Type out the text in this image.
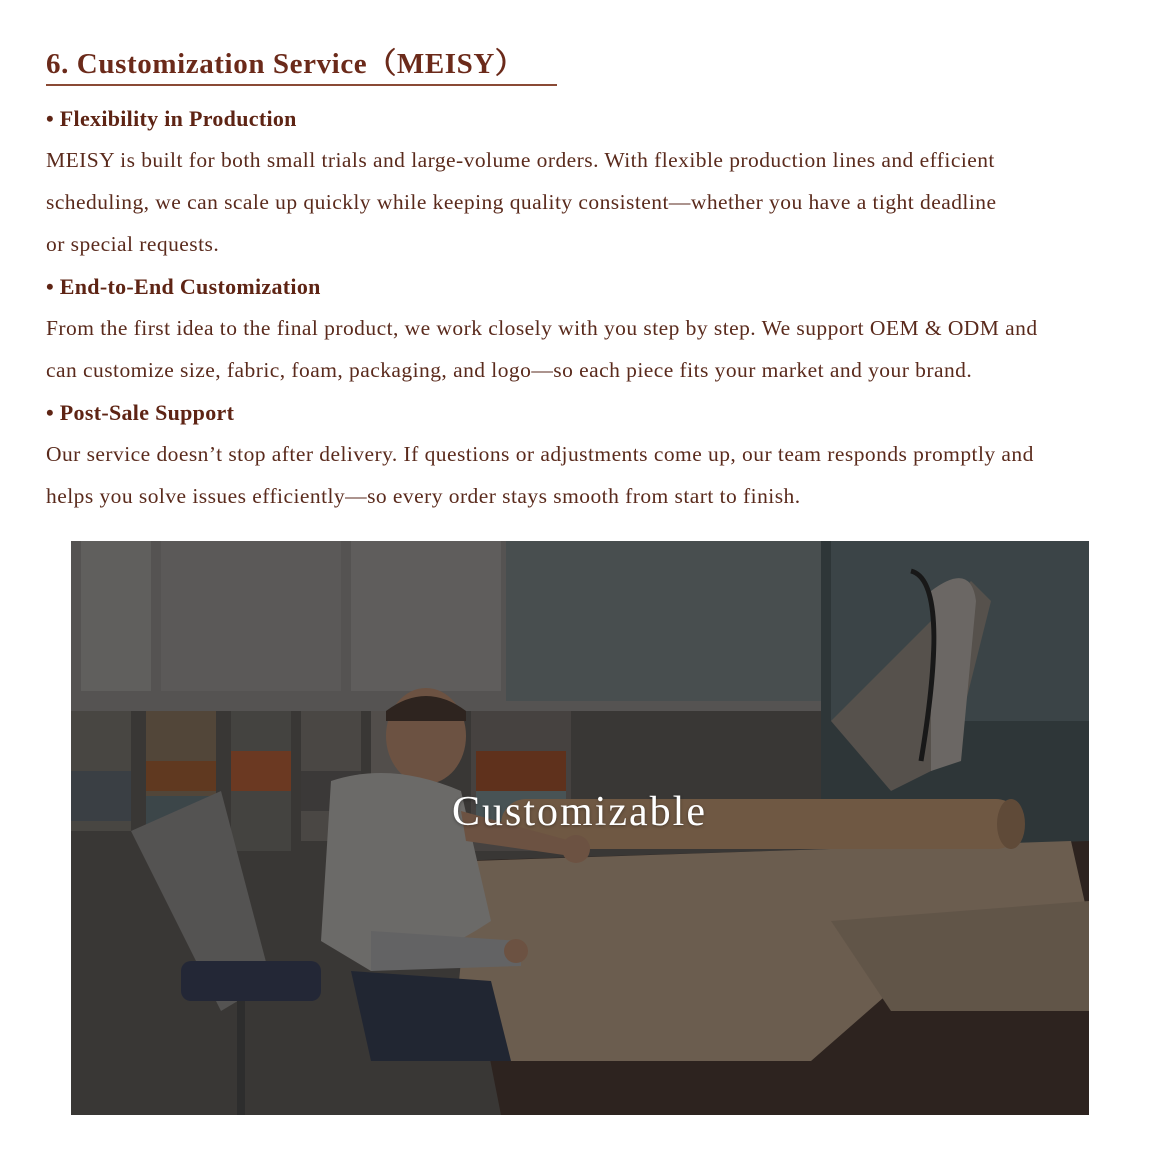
6. Customization Service（MEISY）
• Flexibility in Production
MEISY is built for both small trials and large-volume orders. With flexible production lines and efficient
scheduling, we can scale up quickly while keeping quality consistent—whether you have a tight deadline
or special requests.
• End-to-End Customization
From the first idea to the final product, we work closely with you step by step. We support OEM & ODM and
can customize size, fabric, foam, packaging, and logo—so each piece fits your market and your brand.
• Post-Sale Support
Our service doesn’t stop after delivery. If questions or adjustments come up, our team responds promptly and
helps you solve issues efficiently—so every order stays smooth from start to finish.
Customizable
